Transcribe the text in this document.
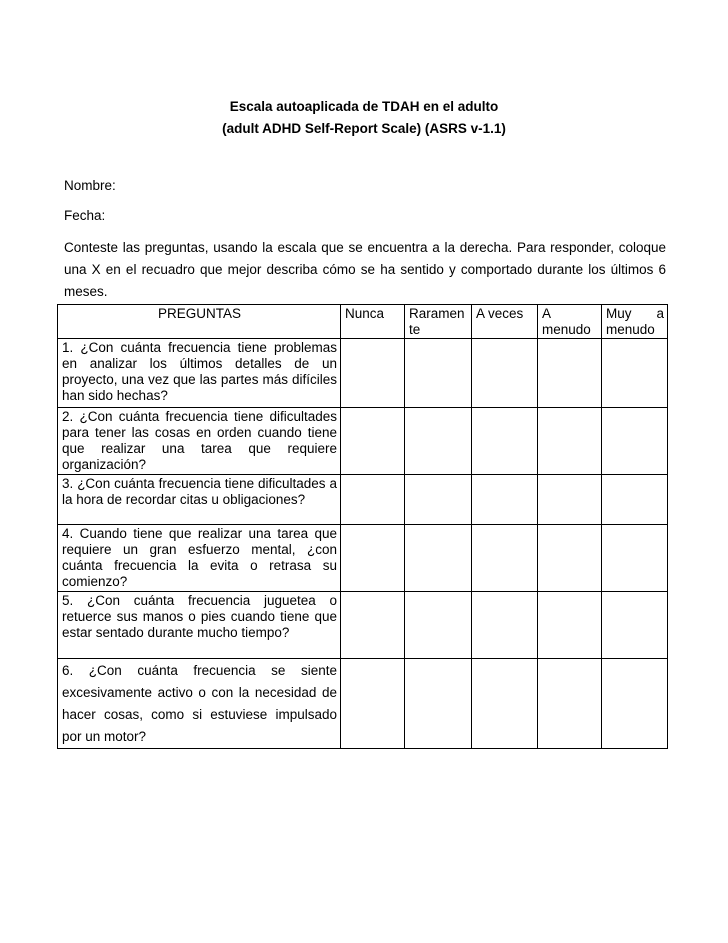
Escala autoaplicada de TDAH en el adulto
(adult ADHD Self-Report Scale) (ASRS v-1.1)
Nombre:
Fecha:
Conteste las preguntas, usando la escala que se encuentra a la derecha. Para responder, coloque una X en el recuadro que mejor describa cómo se ha sentido y comportado durante los últimos 6 meses.
PREGUNTAS	Nunca	Raramente	A veces	A menudo	Muy a menudo
1. ¿Con cuánta frecuencia tiene problemas en analizar los últimos detalles de un proyecto, una vez que las partes más difíciles han sido hechas?					
2. ¿Con cuánta frecuencia tiene dificultades para tener las cosas en orden cuando tiene que realizar una tarea que requiere organización?					
3. ¿Con cuánta frecuencia tiene dificultades a la hora de recordar citas u obligaciones?					
4. Cuando tiene que realizar una tarea que requiere un gran esfuerzo mental, ¿con cuánta frecuencia la evita o retrasa su comienzo?					
5. ¿Con cuánta frecuencia juguetea o retuerce sus manos o pies cuando tiene que estar sentado durante mucho tiempo?					
6. ¿Con cuánta frecuencia se siente excesivamente activo o con la necesidad de hacer cosas, como si estuviese impulsado por un motor?					
